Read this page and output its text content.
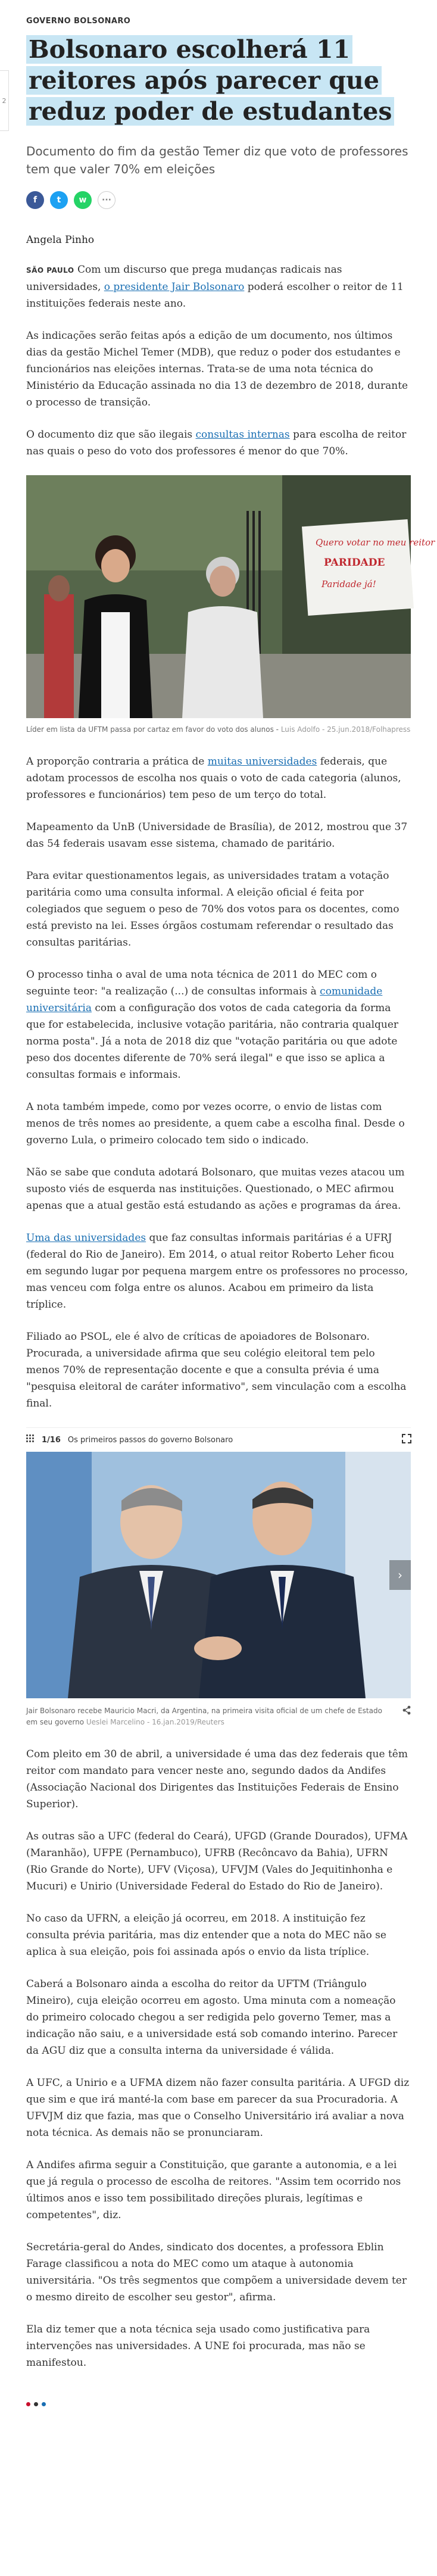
2
GOVERNO BOLSONARO
Bolsonaro escolherá 11 reitores após parecer que reduz poder de estudantes
Documento do fim da gestão Temer diz que voto de professores tem que valer 70% em eleições
f	t	w	···
Angela Pinho

SÃO PAULO Com um discurso que prega mudanças radicais nas universidades, o presidente Jair Bolsonaro poderá escolher o reitor de 11 instituições federais neste ano.

As indicações serão feitas após a edição de um documento, nos últimos dias da gestão Michel Temer (MDB), que reduz o poder dos estudantes e funcionários nas eleições internas. Trata-se de uma nota técnica do Ministério da Educação assinada no dia 13 de dezembro de 2018, durante o processo de transição.

O documento diz que são ilegais consultas internas para escolha de reitor nas quais o peso do voto dos professores é menor do que 70%.

Quero votar no meu reitor
PARIDADE
Paridade já!
Líder em lista da UFTM passa por cartaz em favor do voto dos alunos - Luis Adolfo - 25.jun.2018/Folhapress

A proporção contraria a prática de muitas universidades federais, que adotam processos de escolha nos quais o voto de cada categoria (alunos, professores e funcionários) tem peso de um terço do total.

Mapeamento da UnB (Universidade de Brasília), de 2012, mostrou que 37 das 54 federais usavam esse sistema, chamado de paritário.

Para evitar questionamentos legais, as universidades tratam a votação paritária como uma consulta informal. A eleição oficial é feita por colegiados que seguem o peso de 70% dos votos para os docentes, como está previsto na lei. Esses órgãos costumam referendar o resultado das consultas paritárias.

O processo tinha o aval de uma nota técnica de 2011 do MEC com o seguinte teor: "a realização (...) de consultas informais à comunidade universitária com a configuração dos votos de cada categoria da forma que for estabelecida, inclusive votação paritária, não contraria qualquer norma posta". Já a nota de 2018 diz que "votação paritária ou que adote peso dos docentes diferente de 70% será ilegal" e que isso se aplica a consultas formais e informais.

A nota também impede, como por vezes ocorre, o envio de listas com menos de três nomes ao presidente, a quem cabe a escolha final. Desde o governo Lula, o primeiro colocado tem sido o indicado.

Não se sabe que conduta adotará Bolsonaro, que muitas vezes atacou um suposto viés de esquerda nas instituições. Questionado, o MEC afirmou apenas que a atual gestão está estudando as ações e programas da área.

Uma das universidades que faz consultas informais paritárias é a UFRJ (federal do Rio de Janeiro). Em 2014, o atual reitor Roberto Leher ficou em segundo lugar por pequena margem entre os professores no processo, mas venceu com folga entre os alunos. Acabou em primeiro da lista tríplice.

Filiado ao PSOL, ele é alvo de críticas de apoiadores de Bolsonaro. Procurada, a universidade afirma que seu colégio eleitoral tem pelo menos 70% de representação docente e que a consulta prévia é uma "pesquisa eleitoral de caráter informativo", sem vinculação com a escolha final.

1/16 Os primeiros passos do governo Bolsonaro
›
Jair Bolsonaro recebe Mauricio Macri, da Argentina, na primeira visita oficial de um chefe de Estado em seu governo Ueslei Marcelino - 16.jan.2019/Reuters

Com pleito em 30 de abril, a universidade é uma das dez federais que têm reitor com mandato para vencer neste ano, segundo dados da Andifes (Associação Nacional dos Dirigentes das Instituições Federais de Ensino Superior).

As outras são a UFC (federal do Ceará), UFGD (Grande Dourados), UFMA (Maranhão), UFPE (Pernambuco), UFRB (Recôncavo da Bahia), UFRN (Rio Grande do Norte), UFV (Viçosa), UFVJM (Vales do Jequitinhonha e Mucuri) e Unirio (Universidade Federal do Estado do Rio de Janeiro).

No caso da UFRN, a eleição já ocorreu, em 2018. A instituição fez consulta prévia paritária, mas diz entender que a nota do MEC não se aplica à sua eleição, pois foi assinada após o envio da lista tríplice.

Caberá a Bolsonaro ainda a escolha do reitor da UFTM (Triângulo Mineiro), cuja eleição ocorreu em agosto. Uma minuta com a nomeação do primeiro colocado chegou a ser redigida pelo governo Temer, mas a indicação não saiu, e a universidade está sob comando interino. Parecer da AGU diz que a consulta interna da universidade é válida.

A UFC, a Unirio e a UFMA dizem não fazer consulta paritária. A UFGD diz que sim e que irá manté-la com base em parecer da sua Procuradoria. A UFVJM diz que fazia, mas que o Conselho Universitário irá avaliar a nova nota técnica. As demais não se pronunciaram.

A Andifes afirma seguir a Constituição, que garante a autonomia, e a lei que já regula o processo de escolha de reitores. "Assim tem ocorrido nos últimos anos e isso tem possibilitado direções plurais, legítimas e competentes", diz.

Secretária-geral do Andes, sindicato dos docentes, a professora Eblin Farage classificou a nota do MEC como um ataque à autonomia universitária. "Os três segmentos que compõem a universidade devem ter o mesmo direito de escolher seu gestor", afirma.

Ela diz temer que a nota técnica seja usado como justificativa para intervenções nas universidades. A UNE foi procurada, mas não se manifestou.
